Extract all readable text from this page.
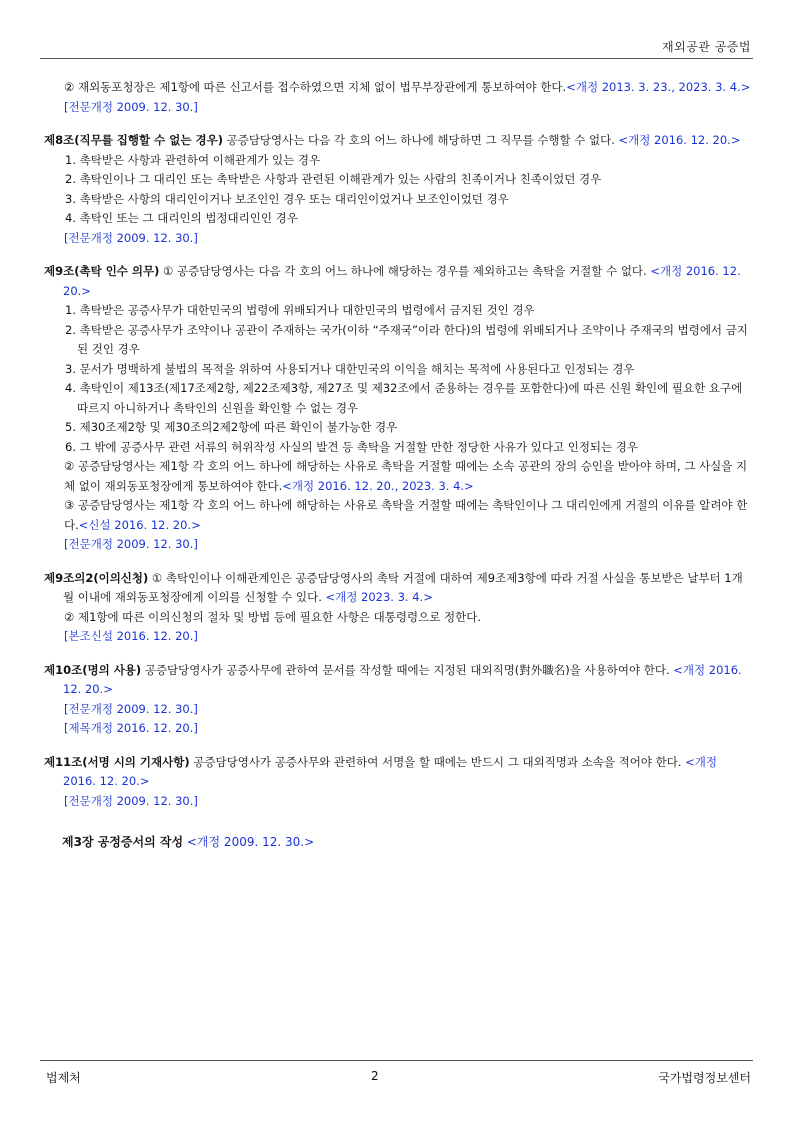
재외공관 공증법

② 재외동포청장은 제1항에 따른 신고서를 접수하였으면 지체 없이 법무부장관에게 통보하여야 한다.<개정 2013. 3. 23., 2023. 3. 4.>

[전문개정 2009. 12. 30.]

제8조(직무를 집행할 수 없는 경우) 공증담당영사는 다음 각 호의 어느 하나에 해당하면 그 직무를 수행할 수 없다. <개정 2016. 12. 20.>

1. 촉탁받은 사항과 관련하여 이해관계가 있는 경우

2. 촉탁인이나 그 대리인 또는 촉탁받은 사항과 관련된 이해관계가 있는 사람의 친족이거나 친족이었던 경우

3. 촉탁받은 사항의 대리인이거나 보조인인 경우 또는 대리인이었거나 보조인이었던 경우

4. 촉탁인 또는 그 대리인의 법정대리인인 경우

[전문개정 2009. 12. 30.]

제9조(촉탁 인수 의무) ① 공증담당영사는 다음 각 호의 어느 하나에 해당하는 경우를 제외하고는 촉탁을 거절할 수 없다. <개정 2016. 12. 20.>

1. 촉탁받은 공증사무가 대한민국의 법령에 위배되거나 대한민국의 법령에서 금지된 것인 경우

2. 촉탁받은 공증사무가 조약이나 공관이 주재하는 국가(이하 “주재국”이라 한다)의 법령에 위배되거나 조약이나 주재국의 법령에서 금지된 것인 경우

3. 문서가 명백하게 불법의 목적을 위하여 사용되거나 대한민국의 이익을 해치는 목적에 사용된다고 인정되는 경우

4. 촉탁인이 제13조(제17조제2항, 제22조제3항, 제27조 및 제32조에서 준용하는 경우를 포함한다)에 따른 신원 확인에 필요한 요구에 따르지 아니하거나 촉탁인의 신원을 확인할 수 없는 경우

5. 제30조제2항 및 제30조의2제2항에 따른 확인이 불가능한 경우

6. 그 밖에 공증사무 관련 서류의 허위작성 사실의 발견 등 촉탁을 거절할 만한 정당한 사유가 있다고 인정되는 경우

② 공증담당영사는 제1항 각 호의 어느 하나에 해당하는 사유로 촉탁을 거절할 때에는 소속 공관의 장의 승인을 받아야 하며, 그 사실을 지체 없이 재외동포청장에게 통보하여야 한다.<개정 2016. 12. 20., 2023. 3. 4.>

③ 공증담당영사는 제1항 각 호의 어느 하나에 해당하는 사유로 촉탁을 거절할 때에는 촉탁인이나 그 대리인에게 거절의 이유를 알려야 한다.<신설 2016. 12. 20.>

[전문개정 2009. 12. 30.]

제9조의2(이의신청) ① 촉탁인이나 이해관계인은 공증담당영사의 촉탁 거절에 대하여 제9조제3항에 따라 거절 사실을 통보받은 날부터 1개월 이내에 재외동포청장에게 이의를 신청할 수 있다. <개정 2023. 3. 4.>

② 제1항에 따른 이의신청의 절차 및 방법 등에 필요한 사항은 대통령령으로 정한다.

[본조신설 2016. 12. 20.]

제10조(명의 사용) 공증담당영사가 공증사무에 관하여 문서를 작성할 때에는 지정된 대외직명(對外職名)을 사용하여야 한다. <개정 2016. 12. 20.>

[전문개정 2009. 12. 30.]

[제목개정 2016. 12. 20.]

제11조(서명 시의 기재사항) 공증담당영사가 공증사무와 관련하여 서명을 할 때에는 반드시 그 대외직명과 소속을 적어야 한다. <개정 2016. 12. 20.>

[전문개정 2009. 12. 30.]

제3장 공정증서의 작성 <개정 2009. 12. 30.>

법제처	2	국가법령정보센터
